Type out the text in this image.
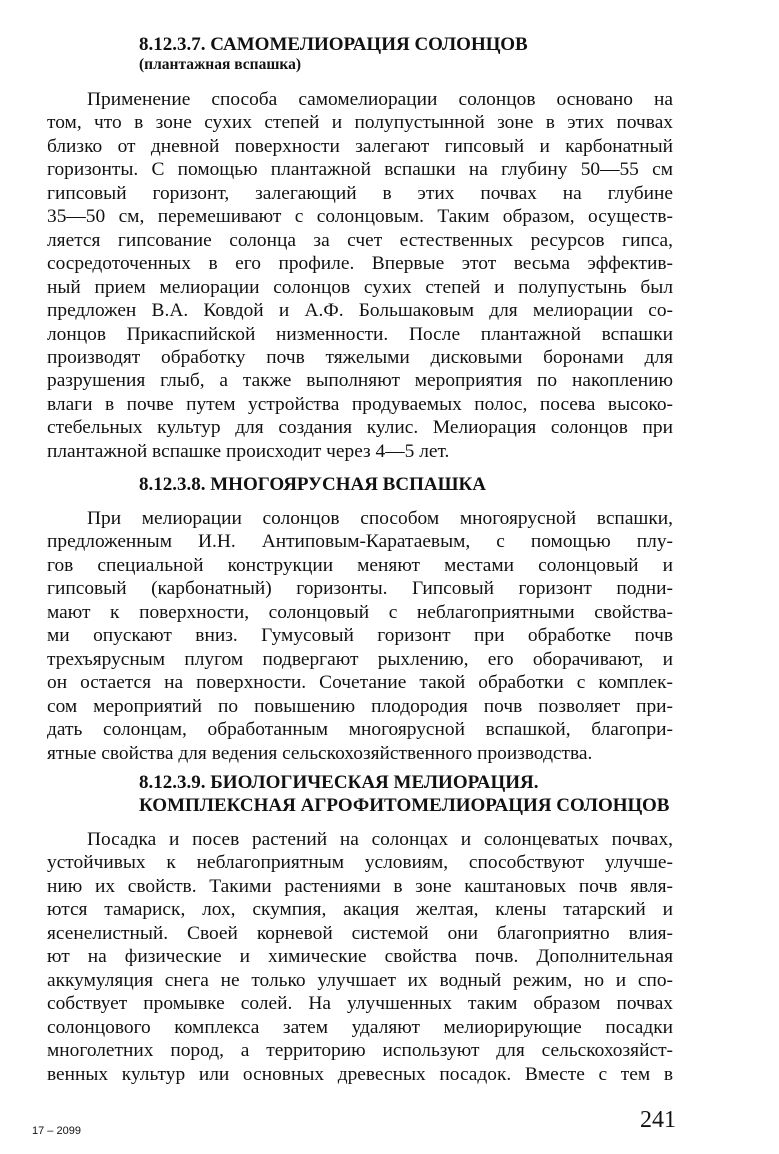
8.12.3.7. САМОМЕЛИОРАЦИЯ СОЛОНЦОВ
(плантажная вспашка)
Применение способа самомелиорации солонцов основано на
том, что в зоне сухих степей и полупустынной зоне в этих почвах
близко от дневной поверхности залегают гипсовый и карбонатный
горизонты. С помощью плантажной вспашки на глубину 50—55 см
гипсовый горизонт, залегающий в этих почвах на глубине
35—50 см, перемешивают с солонцовым. Таким образом, осуществ-
ляется гипсование солонца за счет естественных ресурсов гипса,
сосредоточенных в его профиле. Впервые этот весьма эффектив-
ный прием мелиорации солонцов сухих степей и полупустынь был
предложен В.А. Ковдой и А.Ф. Большаковым для мелиорации со-
лонцов Прикаспийской низменности. После плантажной вспашки
производят обработку почв тяжелыми дисковыми боронами для
разрушения глыб, а также выполняют мероприятия по накоплению
влаги в почве путем устройства продуваемых полос, посева высоко-
стебельных культур для создания кулис. Мелиорация солонцов при
плантажной вспашке происходит через 4—5 лет.
8.12.3.8. МНОГОЯРУСНАЯ ВСПАШКА
При мелиорации солонцов способом многоярусной вспашки,
предложенным И.Н. Антиповым-Каратаевым, с помощью плу-
гов специальной конструкции меняют местами солонцовый и
гипсовый (карбонатный) горизонты. Гипсовый горизонт подни-
мают к поверхности, солонцовый с неблагоприятными свойства-
ми опускают вниз. Гумусовый горизонт при обработке почв
трехъярусным плугом подвергают рыхлению, его оборачивают, и
он остается на поверхности. Сочетание такой обработки с комплек-
сом мероприятий по повышению плодородия почв позволяет при-
дать солонцам, обработанным многоярусной вспашкой, благопри-
ятные свойства для ведения сельскохозяйственного производства.
8.12.3.9. БИОЛОГИЧЕСКАЯ МЕЛИОРАЦИЯ.
КОМПЛЕКСНАЯ АГРОФИТОМЕЛИОРАЦИЯ СОЛОНЦОВ
Посадка и посев растений на солонцах и солонцеватых почвах,
устойчивых к неблагоприятным условиям, способствуют улучше-
нию их свойств. Такими растениями в зоне каштановых почв явля-
ются тамариск, лох, скумпия, акация желтая, клены татарский и
ясенелистный. Своей корневой системой они благоприятно влия-
ют на физические и химические свойства почв. Дополнительная
аккумуляция снега не только улучшает их водный режим, но и спо-
собствует промывке солей. На улучшенных таким образом почвах
солонцового комплекса затем удаляют мелиорирующие посадки
многолетних пород, а территорию используют для сельскохозяйст-
венных культур или основных древесных посадок. Вместе с тем в
17 – 2099	241
